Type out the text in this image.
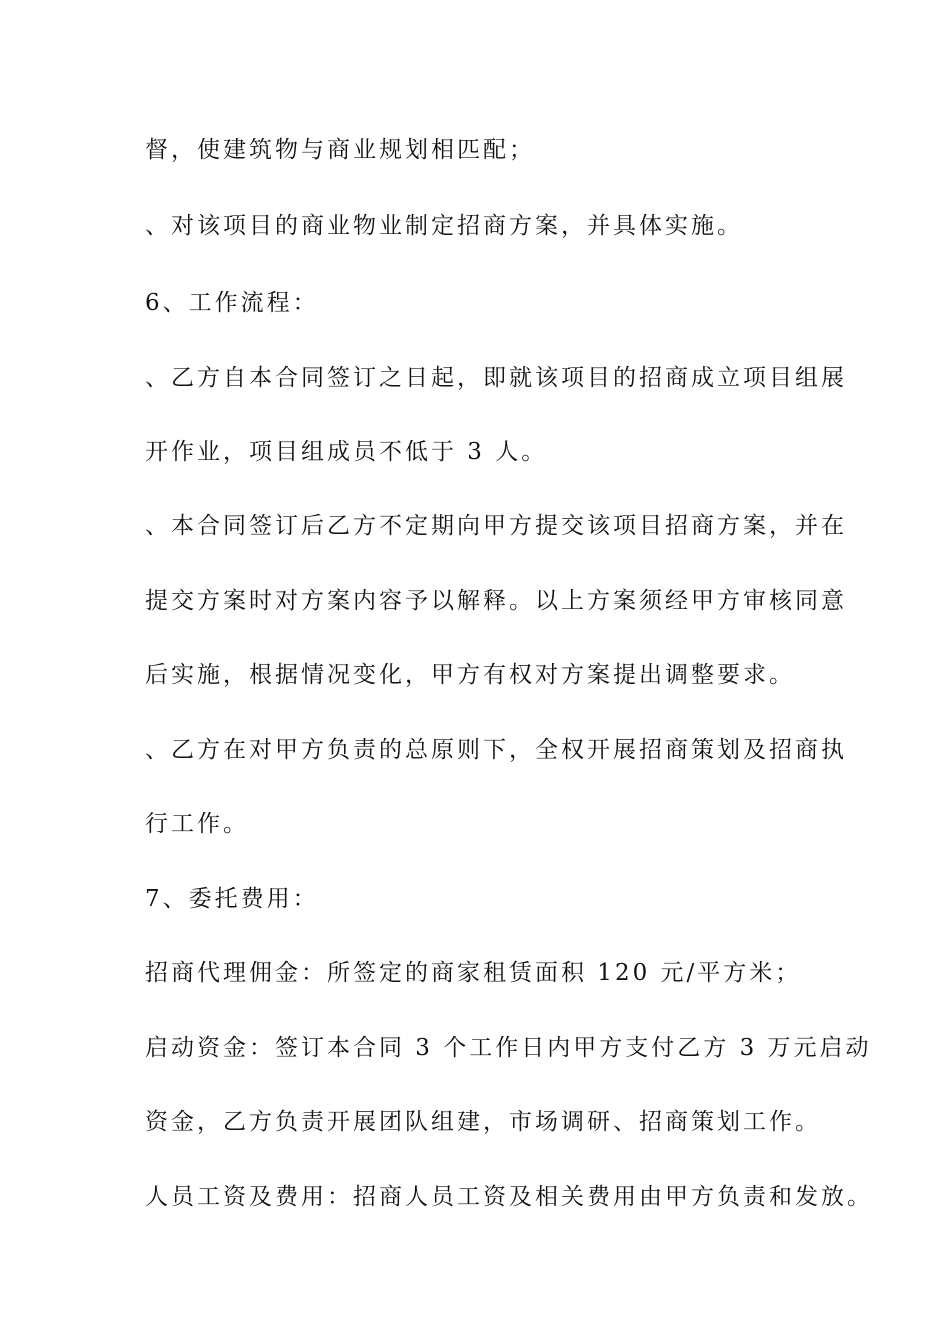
督，使建筑物与商业规划相匹配；
、对该项目的商业物业制定招商方案，并具体实施。
6、工作流程：
、乙方自本合同签订之日起，即就该项目的招商成立项目组展
开作业，项目组成员不低于 3 人。
、本合同签订后乙方不定期向甲方提交该项目招商方案，并在
提交方案时对方案内容予以解释。以上方案须经甲方审核同意
后实施，根据情况变化，甲方有权对方案提出调整要求。
、乙方在对甲方负责的总原则下，全权开展招商策划及招商执
行工作。
7、委托费用：
招商代理佣金：所签定的商家租赁面积 120 元/平方米；
启动资金：签订本合同 3 个工作日内甲方支付乙方 3 万元启动
资金，乙方负责开展团队组建，市场调研、招商策划工作。
人员工资及费用：招商人员工资及相关费用由甲方负责和发放。
